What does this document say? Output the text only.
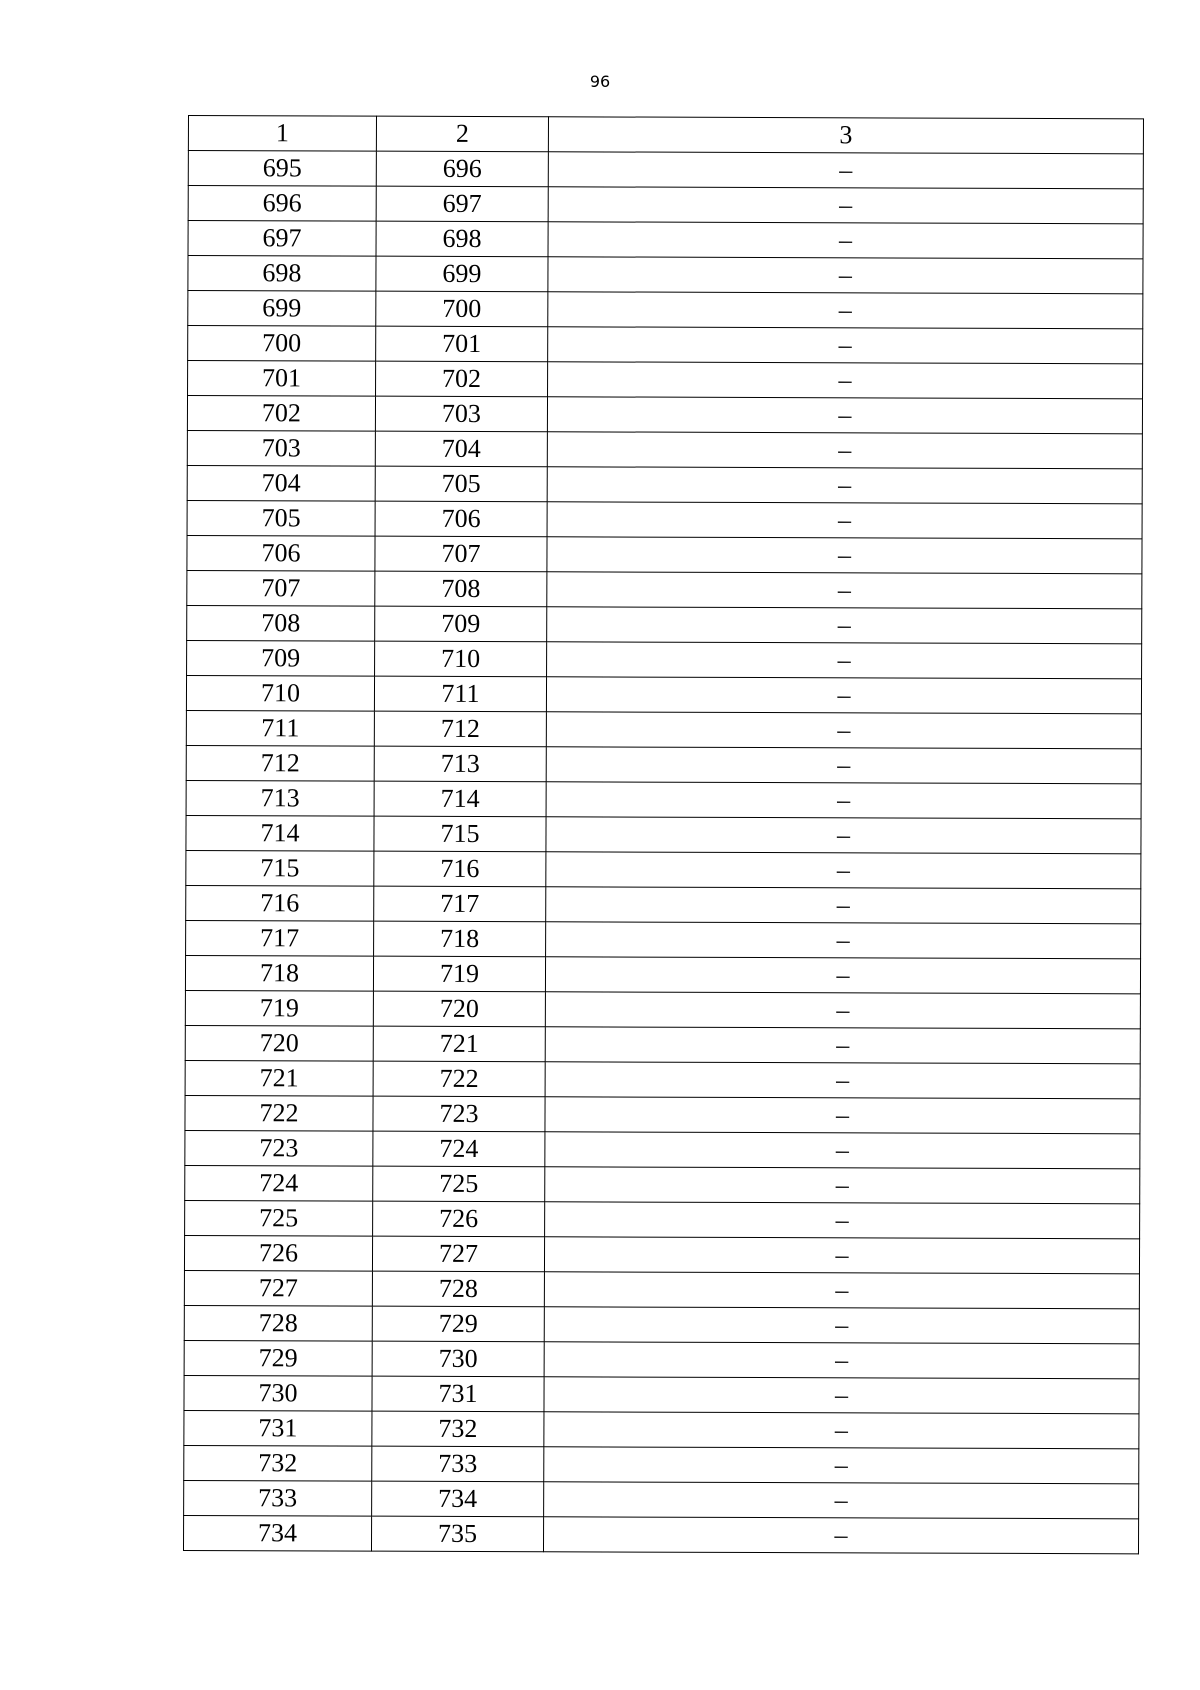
96
1	2	3
695	696	–
696	697	–
697	698	–
698	699	–
699	700	–
700	701	–
701	702	–
702	703	–
703	704	–
704	705	–
705	706	–
706	707	–
707	708	–
708	709	–
709	710	–
710	711	–
711	712	–
712	713	–
713	714	–
714	715	–
715	716	–
716	717	–
717	718	–
718	719	–
719	720	–
720	721	–
721	722	–
722	723	–
723	724	–
724	725	–
725	726	–
726	727	–
727	728	–
728	729	–
729	730	–
730	731	–
731	732	–
732	733	–
733	734	–
734	735	–
